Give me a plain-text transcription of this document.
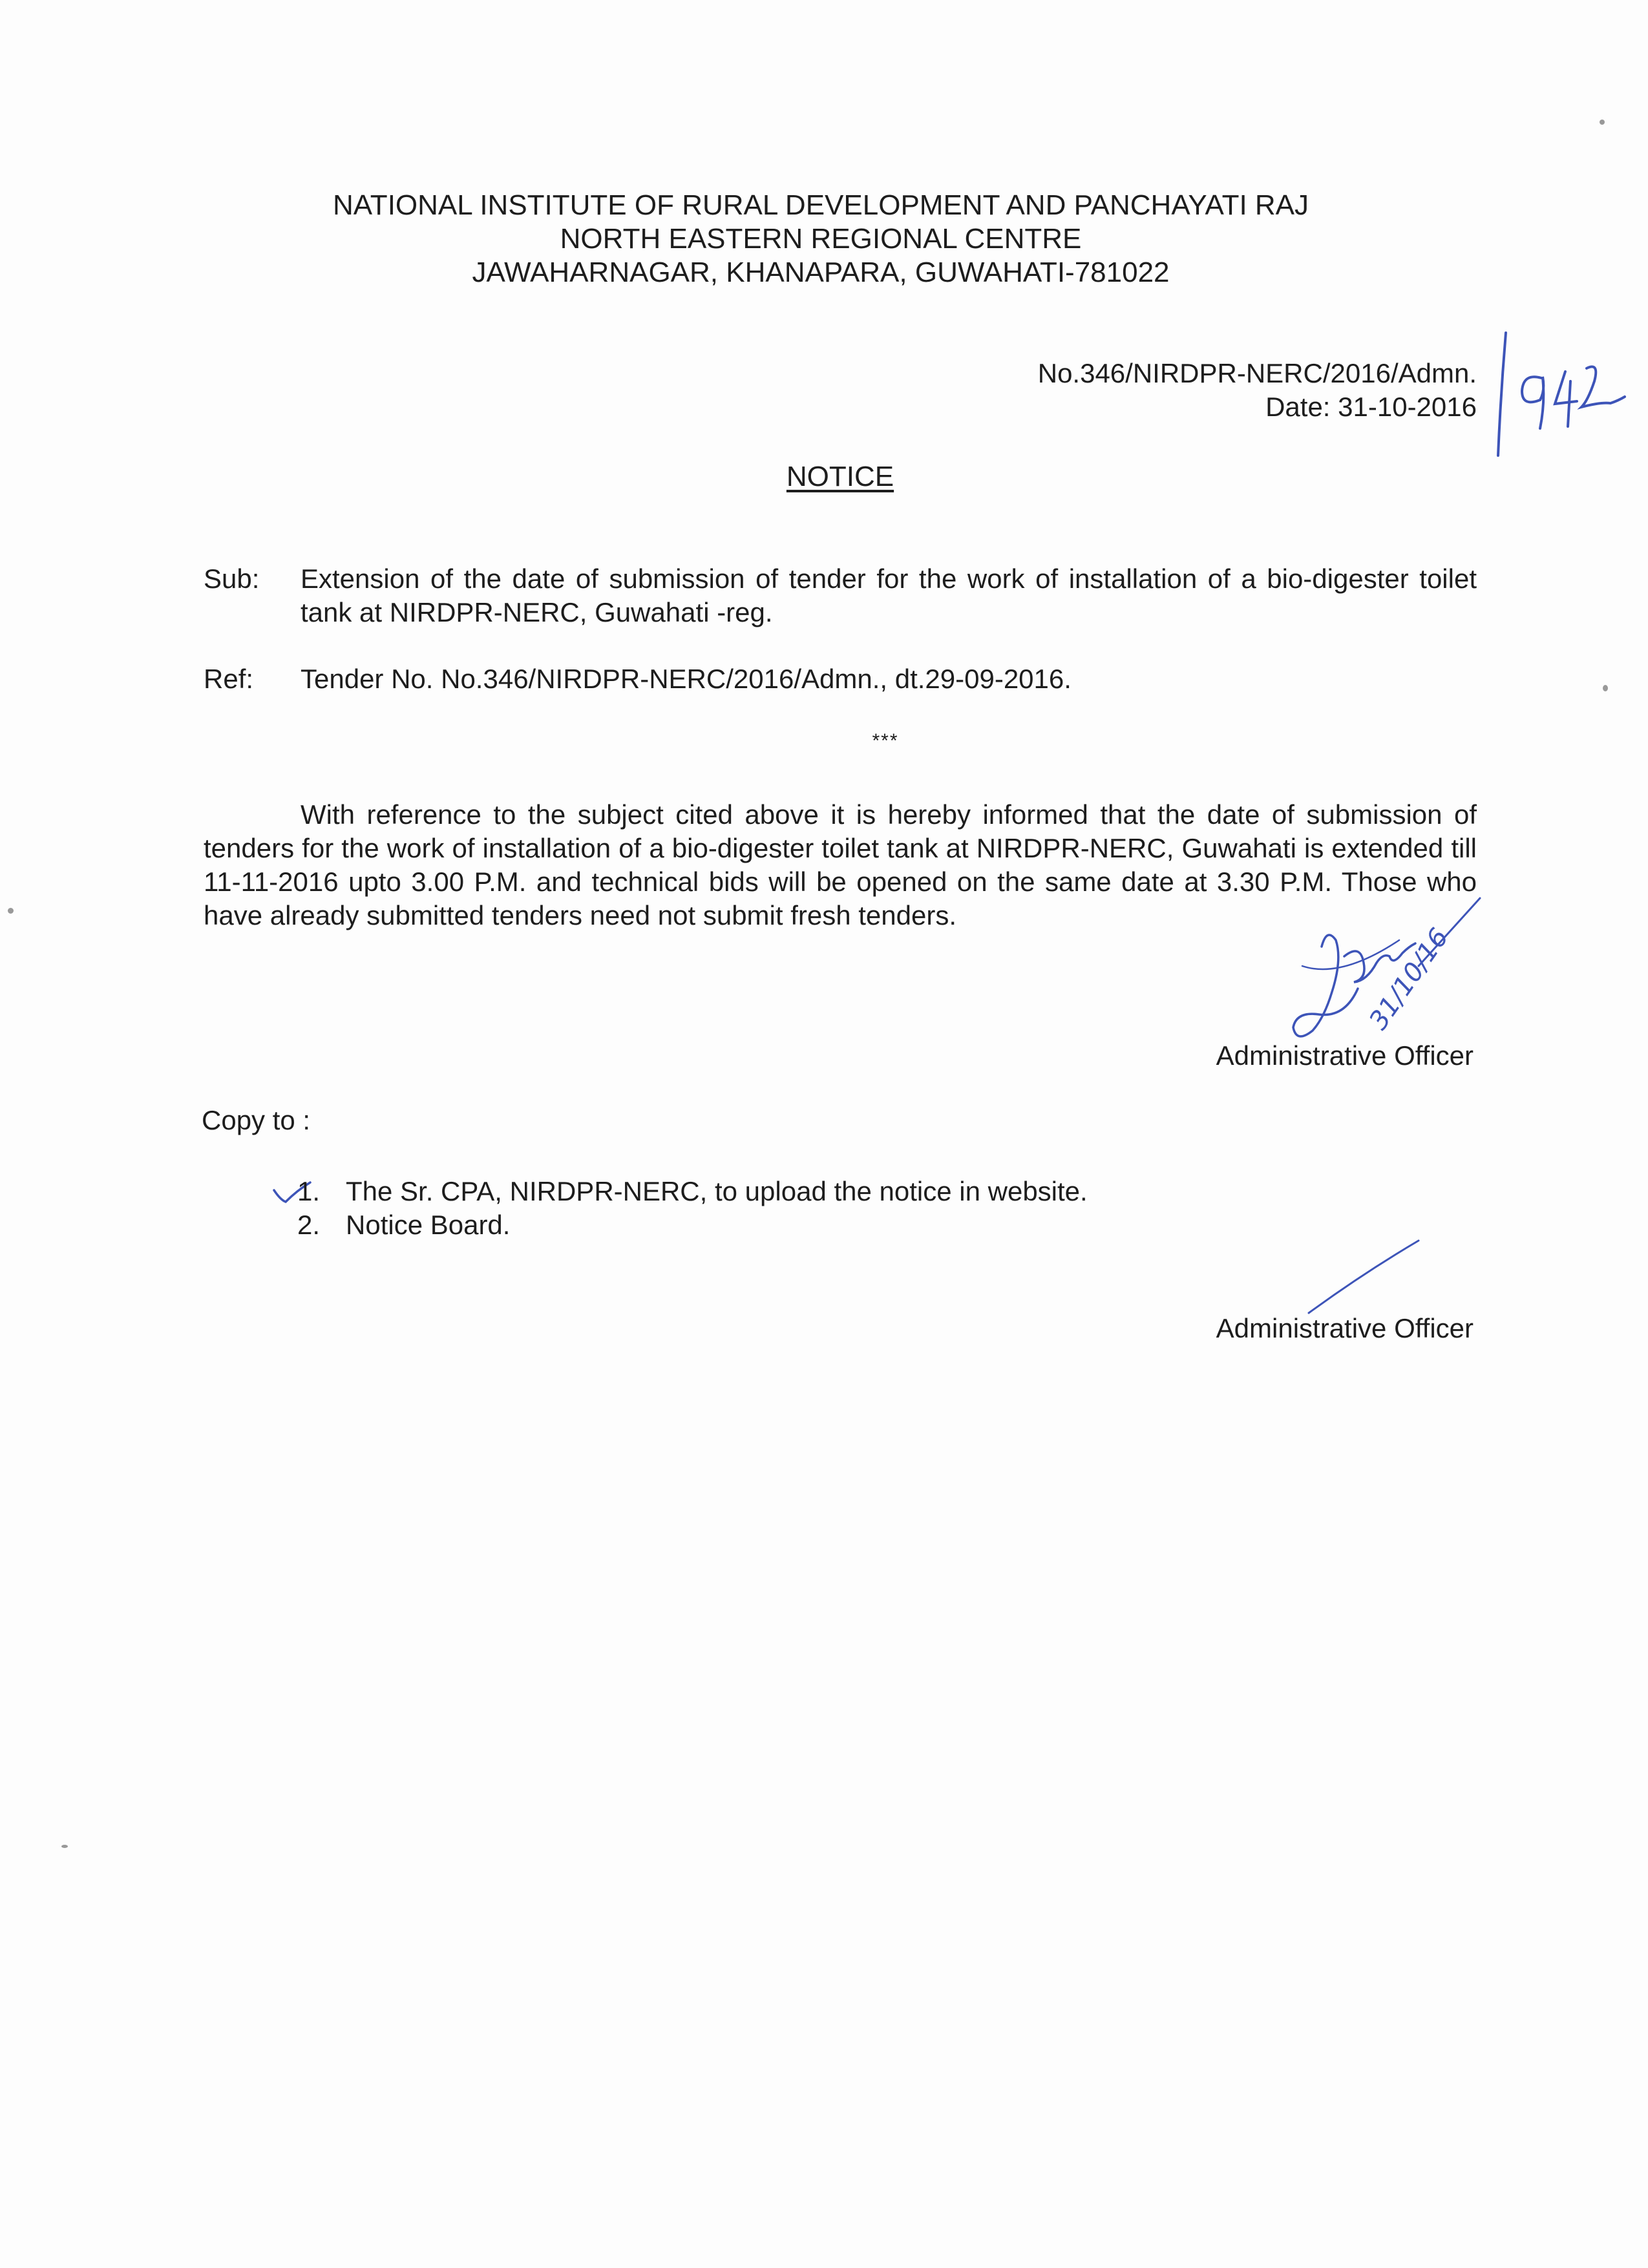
NATIONAL INSTITUTE OF RURAL DEVELOPMENT AND PANCHAYATI RAJ
NORTH EASTERN REGIONAL CENTRE
JAWAHARNAGAR, KHANAPARA, GUWAHATI-781022
No.346/NIRDPR-NERC/2016/Admn.
Date: 31-10-2016
NOTICE
Sub: Extension of the date of submission of tender for the work of installation of a bio-digester toilet tank at NIRDPR-NERC, Guwahati -reg.
Ref: Tender No. No.346/NIRDPR-NERC/2016/Admn., dt.29-09-2016.
***

With reference to the subject cited above it is hereby informed that the date of submission of tenders for the work of installation of a bio-digester toilet tank at NIRDPR-NERC, Guwahati is extended till 11-11-2016 upto 3.00 P.M. and technical bids will be opened on the same date at 3.30 P.M. Those who have already submitted tenders need not submit fresh tenders.

31/10/16
Administrative Officer
Copy to :
1. The Sr. CPA, NIRDPR-NERC, to upload the notice in website.
2. Notice Board.
Administrative Officer
